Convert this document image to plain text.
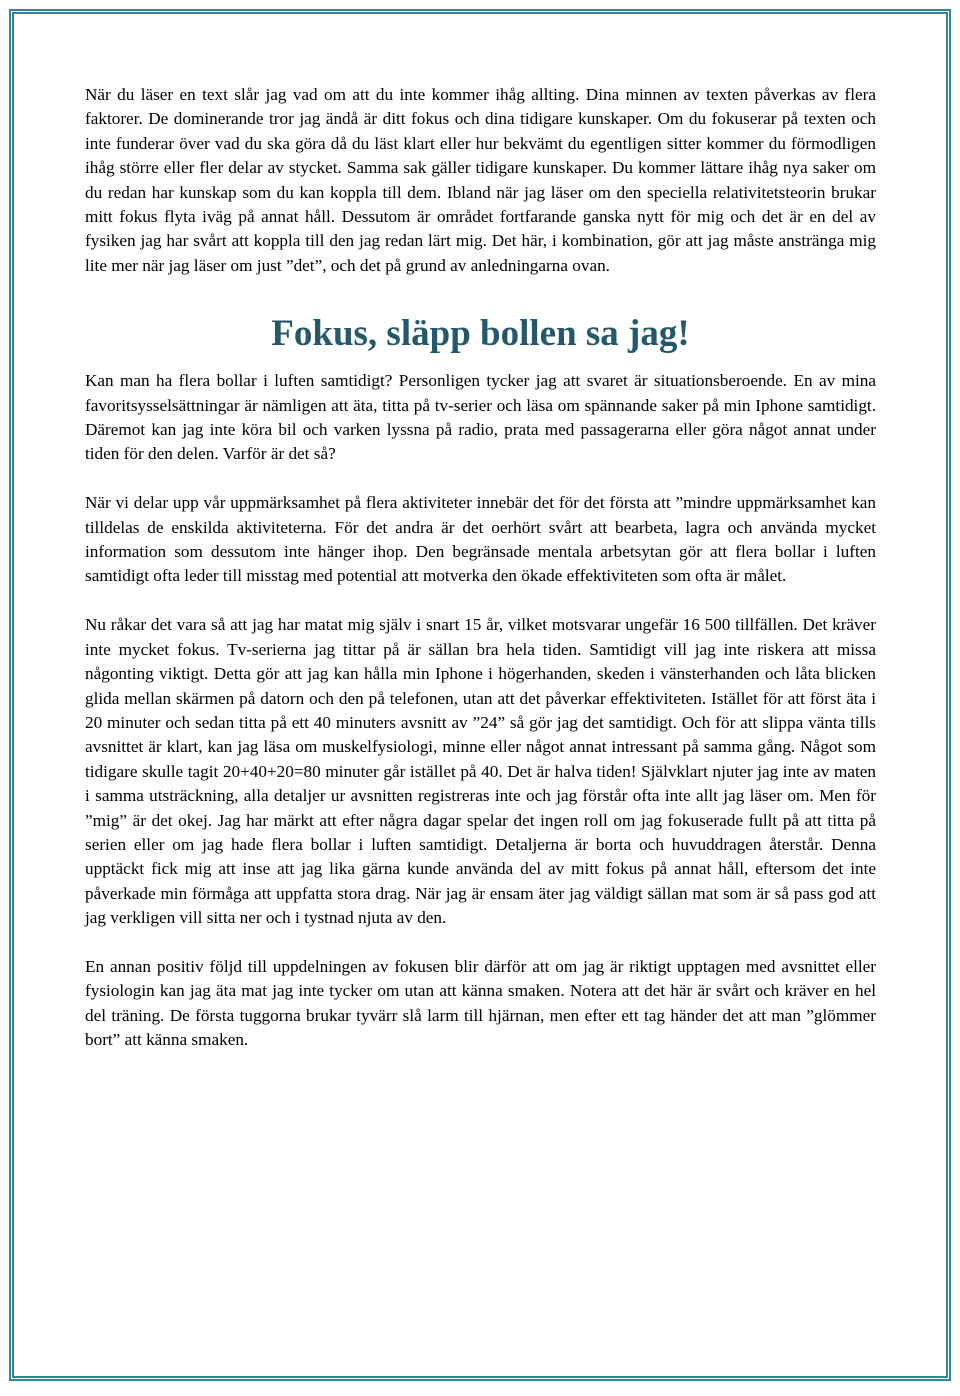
När du läser en text slår jag vad om att du inte kommer ihåg allting. Dina minnen av texten påverkas av flera faktorer. De dominerande tror jag ändå är ditt fokus och dina tidigare kunskaper. Om du fokuserar på texten och inte funderar över vad du ska göra då du läst klart eller hur bekvämt du egentligen sitter kommer du förmodligen ihåg större eller fler delar av stycket. Samma sak gäller tidigare kunskaper. Du kommer lättare ihåg nya saker om du redan har kunskap som du kan koppla till dem. Ibland när jag läser om den speciella relativitetsteorin brukar mitt fokus flyta iväg på annat håll. Dessutom är området fortfarande ganska nytt för mig och det är en del av fysiken jag har svårt att koppla till den jag redan lärt mig. Det här, i kombination, gör att jag måste anstränga mig lite mer när jag läser om just ”det”, och det på grund av anledningarna ovan.

Fokus, släpp bollen sa jag!

Kan man ha flera bollar i luften samtidigt? Personligen tycker jag att svaret är situationsberoende. En av mina favoritsysselsättningar är nämligen att äta, titta på tv-serier och läsa om spännande saker på min Iphone samtidigt. Däremot kan jag inte köra bil och varken lyssna på radio, prata med passagerarna eller göra något annat under tiden för den delen. Varför är det så?

När vi delar upp vår uppmärksamhet på flera aktiviteter innebär det för det första att ”mindre uppmärksamhet kan tilldelas de enskilda aktiviteterna. För det andra är det oerhört svårt att bearbeta, lagra och använda mycket information som dessutom inte hänger ihop. Den begränsade mentala arbetsytan gör att flera bollar i luften samtidigt ofta leder till misstag med potential att motverka den ökade effektiviteten som ofta är målet.

Nu råkar det vara så att jag har matat mig själv i snart 15 år, vilket motsvarar ungefär 16 500 tillfällen. Det kräver inte mycket fokus. Tv-serierna jag tittar på är sällan bra hela tiden. Samtidigt vill jag inte riskera att missa någonting viktigt. Detta gör att jag kan hålla min Iphone i högerhanden, skeden i vänsterhanden och låta blicken glida mellan skärmen på datorn och den på telefonen, utan att det påverkar effektiviteten. Istället för att först äta i 20 minuter och sedan titta på ett 40 minuters avsnitt av ”24” så gör jag det samtidigt. Och för att slippa vänta tills avsnittet är klart, kan jag läsa om muskelfysiologi, minne eller något annat intressant på samma gång. Något som tidigare skulle tagit 20+40+20=80 minuter går istället på 40. Det är halva tiden! Självklart njuter jag inte av maten i samma utsträckning, alla detaljer ur avsnitten registreras inte och jag förstår ofta inte allt jag läser om. Men för ”mig” är det okej. Jag har märkt att efter några dagar spelar det ingen roll om jag fokuserade fullt på att titta på serien eller om jag hade flera bollar i luften samtidigt. Detaljerna är borta och huvuddragen återstår. Denna upptäckt fick mig att inse att jag lika gärna kunde använda del av mitt fokus på annat håll, eftersom det inte påverkade min förmåga att uppfatta stora drag. När jag är ensam äter jag väldigt sällan mat som är så pass god att jag verkligen vill sitta ner och i tystnad njuta av den.

En annan positiv följd till uppdelningen av fokusen blir därför att om jag är riktigt upptagen med avsnittet eller fysiologin kan jag äta mat jag inte tycker om utan att känna smaken. Notera att det här är svårt och kräver en hel del träning. De första tuggorna brukar tyvärr slå larm till hjärnan, men efter ett tag händer det att man ”glömmer bort” att känna smaken.
